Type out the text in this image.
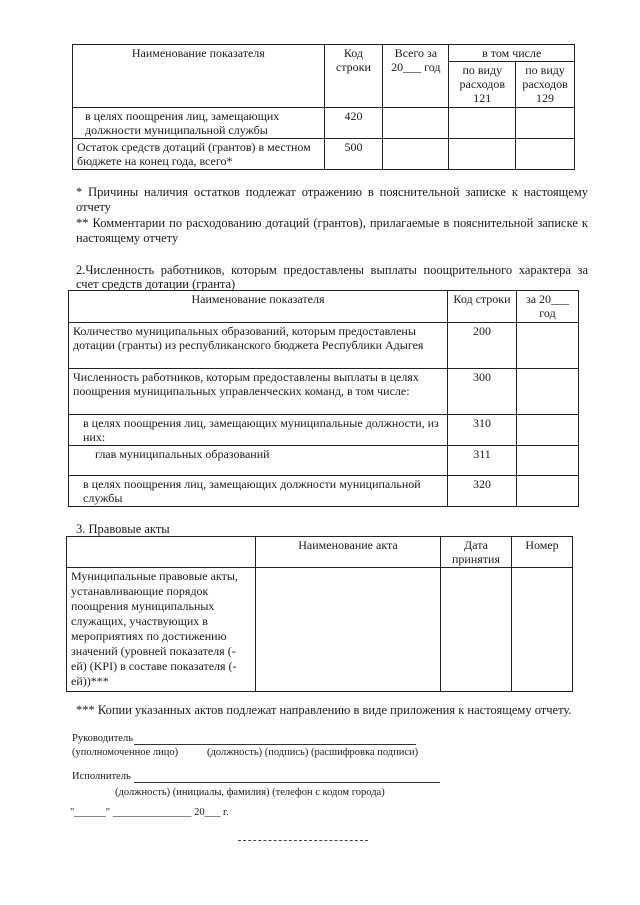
Наименование показателя	Код строки	Всего за 20___ год	в том числе	
			по виду расходов 121	по виду расходов 129
в целях поощрения лиц, замещающих должности муниципальной службы	420			
Остаток средств дотаций (грантов) в местном бюджете на конец года, всего*	500			
* Причины наличия остатков подлежат отражению в пояснительной записке к настоящему отчету
** Комментарии по расходованию дотаций (грантов), прилагаемые в пояснительной записке к настоящему отчету
2.Численность работников, которым предоставлены выплаты поощрительного характера за счет средств дотации (гранта)
Наименование показателя	Код строки	за 20___ год
Количество муниципальных образований, которым предоставлены дотации (гранты) из республиканского бюджета Республики Адыгея	200	
Численность работников, которым предоставлены выплаты в целях поощрения муниципальных управленческих команд, в том числе:	300	
в целях поощрения лиц, замещающих муниципальные должности, из них:	310	
глав муниципальных образований	311	
в целях поощрения лиц, замещающих должности муниципальной службы	320	
3. Правовые акты
	Наименование акта	Дата принятия	Номер
Муниципальные правовые акты, устанавливающие порядок поощрения муниципальных служащих, участвующих в мероприятиях по достижению значений (уровней показателя (-ей) (KPI) в составе показателя (-ей))***			
*** Копии указанных актов подлежат направлению в виде приложения к настоящему отчету.
Руководитель
(уполномоченное лицо)	(должность) (подпись) (расшифровка подписи)
Исполнитель
(должность) (инициалы, фамилия) (телефон с кодом города)
"______" _______________ 20___ г.
